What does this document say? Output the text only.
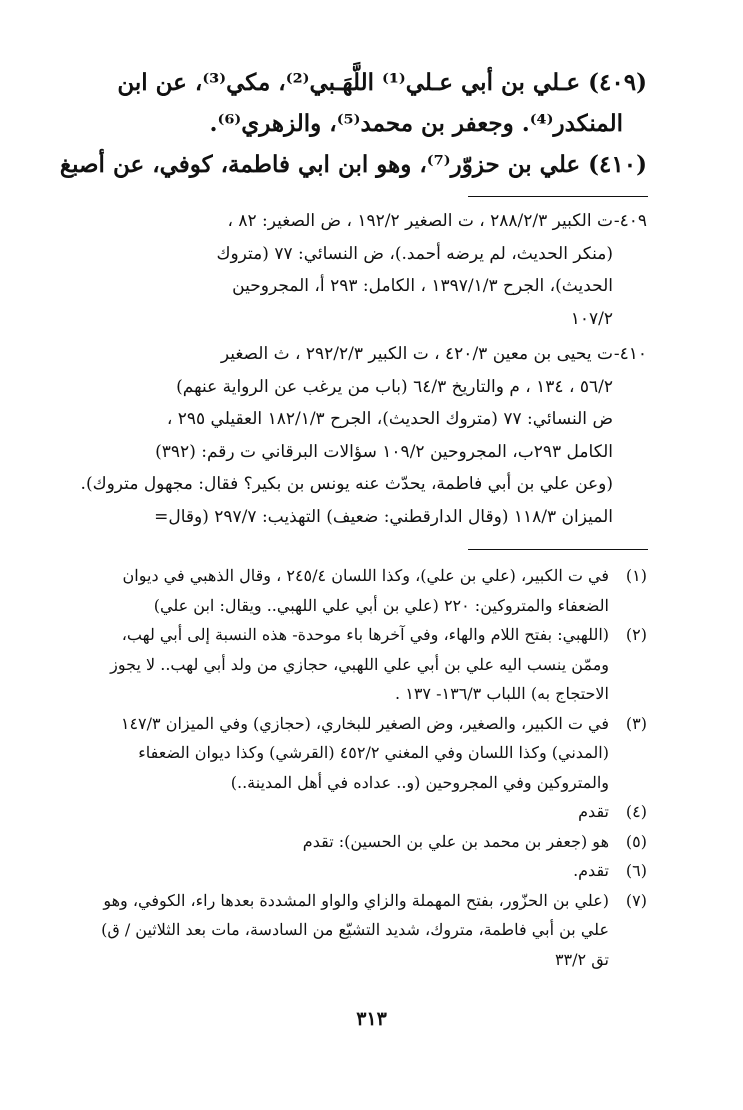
(٤٠٩) عـلي بن أبي عـلي⁽¹⁾ اللَّهَـبي⁽²⁾، مكي⁽³⁾، عن ابن
المنكدر⁽⁴⁾. وجعفر بن محمد⁽⁵⁾، والزهري⁽⁶⁾.

(٤١٠) علي بن حزوّر⁽⁷⁾، وهو ابن ابي فاطمة، كوفي، عن أصبغ

٤٠٩-
ت الكبير ٢٨٨/٢/٣ ، ت الصغير ١٩٢/٢ ، ض الصغير: ٨٢ ،
(منكر الحديث، لم يرضه أحمد.)، ض النسائي: ٧٧ (متروك
الحديث)، الجرح ١٣٩٧/١/٣ ، الكامل: ٢٩٣ أ، المجروحين
١٠٧/٢
٤١٠-
ت يحيى بن معين ٤٢٠/٣ ، ت الكبير ٢٩٢/٢/٣ ، ث الصغير
٥٦/٢ ، ١٣٤ ، م والتاريخ ٦٤/٣ (باب من يرغب عن الرواية عنهم)
ض النسائي: ٧٧ (متروك الحديث)، الجرح ١٨٢/١/٣ العقيلي ٢٩٥ ،
الكامل ٢٩٣ب، المجروحين ١٠٩/٢ سؤالات البرقاني ت رقم: (٣٩٢)
(وعن علي بن أبي فاطمة، يحدّث عنه يونس بن بكير؟ فقال: مجهول متروك).
الميزان ١١٨/٣ (وقال الدارقطني: ضعيف) التهذيب: ٢٩٧/٧ (وقال=
(١)
في ت الكبير، (علي بن علي)، وكذا اللسان ٢٤٥/٤ ، وقال الذهبي في ديوان
الضعفاء والمتروكين: ٢٢٠ (علي بن أبي علي اللهبي.. ويقال: ابن علي)
(٢)
(اللهبي: بفتح اللام والهاء، وفي آخرها باء موحدة- هذه النسبة إلى أبي لهب،
وممّن ينسب اليه علي بن أبي علي اللهبي، حجازي من ولد أبي لهب.. لا يجوز
الاحتجاج به) اللباب ١٣٦/٣- ١٣٧ .
(٣)
في ت الكبير، والصغير، وض الصغير للبخاري، (حجازي) وفي الميزان ١٤٧/٣
(المدني) وكذا اللسان وفي المغني ٤٥٢/٢ (القرشي) وكذا ديوان الضعفاء
والمتروكين وفي المجروحين (و.. عداده في أهل المدينة..)
(٤)
تقدم
(٥)
هو (جعفر بن محمد بن علي بن الحسين): تقدم
(٦)
تقدم.
(٧)
(علي بن الحزّور، بفتح المهملة والزاي والواو المشددة بعدها راء، الكوفي، وهو
علي بن أبي فاطمة، متروك، شديد التشيّع من السادسة، مات بعد الثلاثين / ق)
تق ٣٣/٢
٣١٣
